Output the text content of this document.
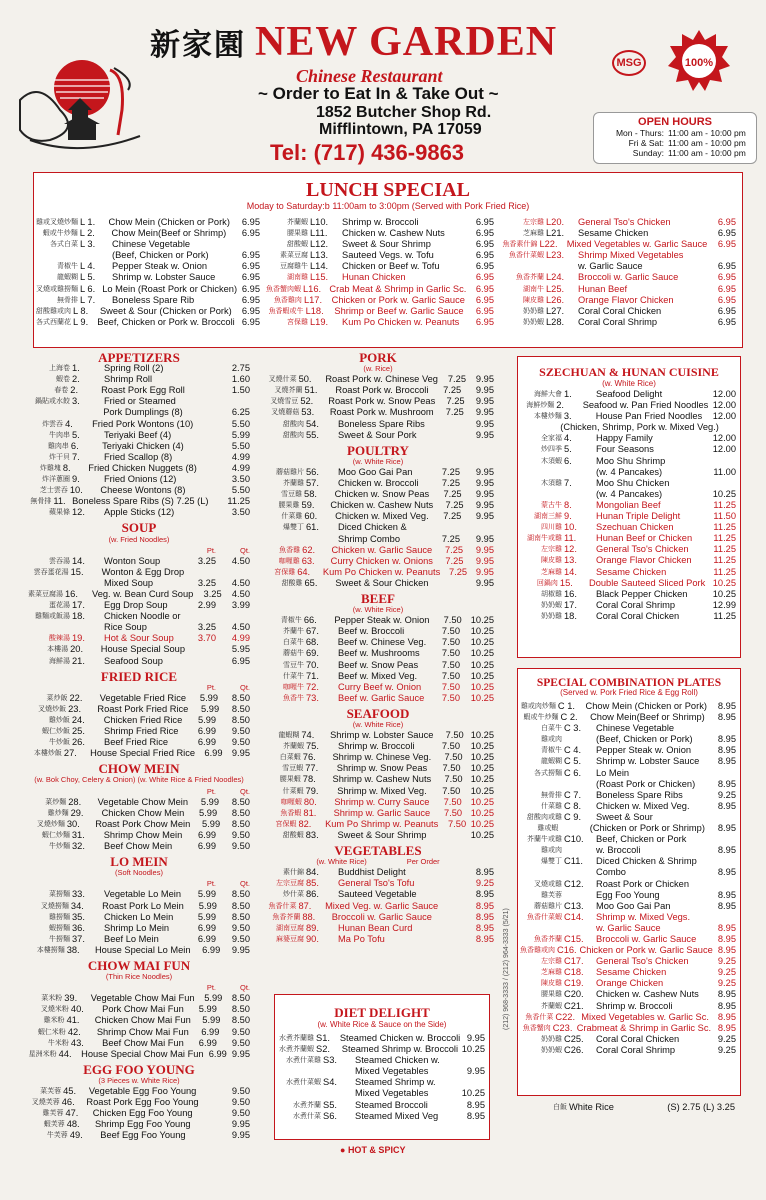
新家園 NEW GARDEN
Chinese Restaurant
~ Order to Eat In & Take Out ~
1852 Butcher Shop Rd.
Mifflintown, PA 17059
Tel: (717) 436-9863
MSG	100%
OPEN HOURS
Mon - Thurs: 11:00 am - 10:00 pm
Fri & Sat: 11:00 am - 10:00 pm
Sunday: 11:00 am - 10:00 pm
LUNCH SPECIAL
Moday to Saturday:b 11:00am to 3:00pm (Served with Pork Fried Rice)
雞或叉燒炒麵 L 1.	Chow Mein (Chicken or Pork)	6.95
蝦或牛炒麵 L 2.	Chow Mein(Beef or Shrimp)	6.95
各式白菜 L 3.	Chinese Vegetable
(Beef, Chicken or Pork)	6.95
青椒牛 L 4.	Pepper Steak w. Onion	6.95
龍蝦糊 L 5.	Shrimp w. Lobster Sauce	6.95
叉燒或雞撈麵 L 6. Lo Mein (Roast Pork or Chicken) 6.95
無骨排 L 7.	Boneless Spare Rib	6.95
甜酸雞或肉 L 8.	Sweet & Sour (Chicken or Pork)	6.95
各式西蘭花 L 9. Beef, Chicken or Pork w. Broccoli 6.95
芥蘭蝦 L10.	Shrimp w. Broccoli	6.95
腰果雞 L11.	Chicken w. Cashew Nuts	6.95
甜酸蝦 L12.	Sweet & Sour Shrimp	6.95
素菜豆腐 L13.	Sauteed Vegs. w. Tofu	6.95
豆腐雞牛 L14.	Chicken or Beef w. Tofu	6.95
湖南雞 L15.	Hunan Chicken	6.95
魚香蟹肉蝦 L16. Crab Meat & Shrimp in Garlic Sc.	6.95
魚香雞肉 L17.	Chicken or Pork w. Garlic Sauce	6.95
魚香蝦或牛 L18.	Shrimp or Beef w. Garlic Sauce	6.95
宮保雞 L19.	Kum Po Chicken w. Peanuts	6.95
左宗雞 L20.	General Tso's Chicken	6.95
芝麻雞 L21.	Sesame Chicken	6.95
魚香素什錦 L22. Mixed Vegetables w. Garlic Sauce	6.95
魚香什菜蝦 L23.	Shrimp Mixed Vegetables
w. Garlic Sauce	6.95
魚香芥蘭 L24.	Broccoli w. Garlic Sauce	6.95
湖南牛 L25.	Hunan Beef	6.95
陳皮雞 L26.	Orange Flavor Chicken	6.95
奶奶雞 L27.	Coral Coral Chicken	6.95
奶奶蝦 L28.	Coral Coral Shrimp	6.95
APPETIZERS
上海卷 1.	Spring Roll (2)	2.75
蝦卷 2.	Shrimp Roll	1.60
春卷 2.	Roast Pork Egg Roll	1.50
鍋貼或水餃 3.	Fried or Steamed
Pork Dumplings (8)	6.25
炸雲吞 4.	Fried Pork Wontons (10)	5.50
牛肉串 5.	Teriyaki Beef (4)	5.99
雞肉串 6.	Teriyaki Chicken (4)	5.50
炸干貝 7.	Fried Scallop (8)	4.99
炸雞塊 8.	Fried Chicken Nuggets (8)	4.99
炸洋蔥圈 9.	Fried Onions (12)	3.50
芝士雲吞 10.	Cheese Wontons (8)	5.50
無骨排 11. Boneless Spare Ribs (S) 7.25 (L) 11.25
蘋果條 12.	Apple Sticks (12)	3.50
SOUP
(w. Fried Noodles)
Pt.	Qt.
雲吞湯 14.	Wonton Soup	3.25	4.50
雲吞蛋花湯 15.	Wonton & Egg Drop
Mixed Soup	3.25	4.50
素菜豆腐湯 16.	Veg. w. Bean Curd Soup	3.25	4.50
蛋花湯 17.	Egg Drop Soup	2.99	3.99
雞麵或飯湯 18.	Chicken Noodle or
Rice Soup	3.25	4.50
酸辣湯 19.	Hot & Sour Soup	3.70	4.99
本樓湯 20.	House Special Soup	5.95
海鮮湯 21.	Seafood Soup	6.95
FRIED RICE
Pt.	Qt.
菜炒飯 22.	Vegetable Fried Rice	5.99	8.50
叉燒炒飯 23.	Roast Pork Fried Rice	5.99	8.50
雞炒飯 24.	Chicken Fried Rice	5.99	8.50
蝦仁炒飯 25.	Shrimp Fried Rice	6.99	9.50
牛炒飯 26.	Beef Fried Rice	6.99	9.50
本樓炒飯 27.	House Special Fried Rice	6.99	9.95
CHOW MEIN
(w. Bok Choy, Celery & Onion) (w. White Rice & Fried Noodles)
Pt.	Qt.
菜炒麵 28.	Vegetable Chow Mein	5.99	8.50
雞炒麵 29.	Chicken Chow Mein	5.99	8.50
叉燒炒麵 30.	Roast Pork Chow Mein	5.99	8.50
蝦仁炒麵 31.	Shrimp Chow Mein	6.99	9.50
牛炒麵 32.	Beef Chow Mein	6.99	9.50
LO MEIN
(Soft Noodles)
Pt.	Qt.
菜撈麵 33.	Vegetable Lo Mein	5.99	8.50
叉燒撈麵 34.	Roast Pork Lo Mein	5.99	8.50
雞撈麵 35.	Chicken Lo Mein	5.99	8.50
蝦撈麵 36.	Shrimp Lo Mein	6.99	9.50
牛撈麵 37.	Beef Lo Mein	6.99	9.50
本樓撈麵 38.	House Special Lo Mein	6.99	9.95
CHOW MAI FUN
(Thin Rice Noodles)
Pt.	Qt.
菜米粉 39.	Vegetable Chow Mai Fun	5.99	8.50
叉燒米粉 40.	Pork Chow Mai Fun	5.99	8.50
雞米粉 41.	Chicken Chow Mai Fun	5.99	8.50
蝦仁米粉 42.	Shrimp Chow Mai Fun	6.99	9.50
牛米粉 43.	Beef Chow Mai Fun	6.99	9.50
星洲米粉 44.	House Special Chow Mai Fun 6.99 9.95
EGG FOO YOUNG
(3 Pieces w. White Rice)
菜芙蓉 45.	Vegetable Egg Foo Young	9.50
叉燒芙蓉 46.	Roast Pork Egg Foo Young	9.50
雞芙蓉 47.	Chicken Egg Foo Young	9.50
蝦芙蓉 48.	Shrimp Egg Foo Young	9.95
牛芙蓉 49.	Beef Egg Foo Young	9.95
PORK
(w. Rice)
叉燒什菜 50.	Roast Pork w. Chinese Veg	7.25	9.95
叉燒芥蘭 51.	Roast Pork w. Broccoli	7.25	9.95
叉燒雪豆 52.	Roast Pork w. Snow Peas	7.25	9.95
叉燒蘑菇 53.	Roast Pork w. Mushroom	7.25	9.95
甜酸肉 54.	Boneless Spare Ribs	9.95
甜酸肉 55.	Sweet & Sour Pork	9.95
POULTRY
(w. White Rice)
蘑菇雞片 56.	Moo Goo Gai Pan	7.25	9.95
芥蘭雞 57.	Chicken w. Broccoli	7.25	9.95
雪豆雞 58.	Chicken w. Snow Peas	7.25	9.95
腰果雞 59.	Chicken w. Cashew Nuts	7.25	9.95
什菜雞 60.	Chicken w. Mixed Veg.	7.25	9.95
爆雙丁 61.	Diced Chicken &
Shrimp Combo	7.25	9.95
魚香雞 62.	Chicken w. Garlic Sauce	7.25	9.95
咖喱雞 63.	Curry Chicken w. Onions	7.25	9.95
宮保雞 64.	Kum Po Chicken w. Peanuts 7.25 9.95
甜酸雞 65.	Sweet & Sour Chicken	9.95
BEEF
(w. White Rice)
青椒牛 66.	Pepper Steak w. Onion	7.50 10.25
芥蘭牛 67.	Beef w. Broccoli	7.50	10.25
白菜牛 68.	Beef w. Chinese Veg.	7.50	10.25
蘑菇牛 69.	Beef w. Mushrooms	7.50	10.25
雪豆牛 70.	Beef w. Snow Peas	7.50	10.25
什菜牛 71.	Beef w. Mixed Veg.	7.50	10.25
咖喱牛 72.	Curry Beef w. Onion	7.50	10.25
魚香牛 73.	Beef w. Garlic Sauce	7.50	10.25
SEAFOOD
(w. White Rice)
龍蝦糊 74.	Shrimp w. Lobster Sauce	7.50 10.25
芥蘭蝦 75.	Shrimp w. Broccoli	7.50	10.25
白菜蝦 76.	Shrimp w. Chinese Veg.	7.50 10.25
雪豆蝦 77.	Shrimp w. Snow Peas	7.50	10.25
腰果蝦 78.	Shrimp w. Cashew Nuts	7.50 10.25
什菜蝦 79.	Shrimp w. Mixed Veg.	7.50	10.25
咖喱蝦 80.	Shrimp w. Curry Sauce	7.50 10.25
魚香蝦 81.	Shrimp w. Garlic Sauce	7.50 10.25
宮保蝦 82.	Kum Po Shrimp w. Peanuts	7.50 10.25
甜酸蝦 83.	Sweet & Sour Shrimp	10.25
VEGETABLES
(w. White Rice)	Per Order
素什錦 84.	Buddhist Delight	8.95
左宗豆腐 85.	General Tso's Tofu	9.25
炒什菜 86.	Sauteed Vegetable	8.95
魚香什菜 87.	Mixed Veg. w. Garlic Sauce	8.95
魚香芥蘭 88.	Broccoli w. Garlic Sauce	8.95
湖南豆腐 89.	Hunan Bean Curd	8.95
麻婆豆腐 90.	Ma Po Tofu	8.95
DIET DELIGHT
(w. White Rice & Sauce on the Side)
水煮芥蘭雞 S1.	Steamed Chicken w. Broccoli 9.95
水煮芥蘭蝦 S2.	Steamed Shrimp w. Broccoli 10.25
水煮什菜雞 S3.	Steamed Chicken w.
Mixed Vegetables	9.95
水煮什菜蝦 S4.	Steamed Shrimp w.
Mixed Vegetables	10.25
水煮芥蘭 S5.	Steamed Broccoli	8.95
水煮什菜 S6.	Steamed Mixed Veg	8.95
● HOT & SPICY
SZECHUAN & HUNAN CUISINE
(w. White Rice)
海鮮大會 1.	Seafood Delight	12.00
海鮮炒麵 2.	Seafood w. Pan Fried Noodles 12.00
本樓炒麵 3.	House Pan Fried Noodles	12.00
(Chicken, Shrimp, Pork w. Mixed Veg.)
全家福 4.	Happy Family	12.00
炒四季 5.	Four Seasons	12.00
木須蝦 6.	Moo Shu Shrimp
(w. 4 Pancakes)	11.00
木須雞 7.	Moo Shu Chicken
(w. 4 Pancakes)	10.25
蒙古牛 8.	Mongolian Beef	11.25
湖南三鮮 9.	Hunan Triple Delight	11.50
四川雞 10.	Szechuan Chicken	11.25
湖南牛或雞 11.	Hunan Beef or Chicken	11.25
左宗雞 12.	General Tso's Chicken	11.25
陳皮雞 13.	Orange Flavor Chicken	11.25
芝麻雞 14.	Sesame Chicken	11.25
回鍋肉 15.	Double Sauteed Sliced Pork 10.25
胡椒雞 16.	Black Pepper Chicken	10.25
奶奶蝦 17.	Coral Coral Shrimp	12.99
奶奶雞 18.	Coral Coral Chicken	11.25
SPECIAL COMBINATION PLATES
(Served w. Pork Fried Rice & Egg Roll)
雞或肉炒麵 C 1.	Chow Mein (Chicken or Pork)	8.95
蝦或牛炒麵 C 2.	Chow Mein(Beef or Shrimp)	8.95
白菜牛 C 3.	Chinese Vegetable
雞或肉	(Beef, Chicken or Pork)	8.95
青椒牛 C 4.	Pepper Steak w. Onion	8.95
龍蝦糊 C 5.	Shrimp w. Lobster Sauce	8.95
各式撈麵 C 6.	Lo Mein
(Roast Pork or Chicken)	8.95
無骨排 C 7.	Boneless Spare Ribs	9.25
什菜雞 C 8.	Chicken w. Mixed Veg.	8.95
甜酸肉或雞 C 9.	Sweet & Sour
雞或蝦	(Chicken or Pork or Shrimp)	8.95
芥蘭牛或雞 C10.	Beef, Chicken or Pork
雞或肉	w. Broccoli	8.95
爆雙丁 C11.	Diced Chicken & Shrimp
Combo	8.95
叉燒或雞 C12.	Roast Pork or Chicken
雞芙蓉	Egg Foo Young	8.95
蘑菇雞片 C13.	Moo Goo Gai Pan	8.95
魚香什菜蝦 C14.	Shrimp w. Mixed Vegs.
w. Garlic Sauce	8.95
魚香芥蘭 C15.	Broccoli w. Garlic Sauce	8.95
魚香雞或肉 C16. Chicken or Pork w. Garlic Sauce 8.95
左宗雞 C17.	General Tso's Chicken	9.25
芝麻雞 C18.	Sesame Chicken	9.25
陳皮雞 C19.	Orange Chicken	9.25
腰果雞 C20.	Chicken w. Cashew Nuts	8.95
芥蘭蝦 C21.	Shrimp w. Broccoli	8.95
魚香什菜 C22. Mixed Vegetables w. Garlic Sc. 8.95
魚香蟹肉 C23. Crabmeat & Shrimp in Garlic Sc. 8.95
奶奶雞 C25.	Coral Coral Chicken	9.25
奶奶蝦 C26.	Coral Coral Shrimp	9.25
白飯 White Rice	(S) 2.75 (L) 3.25
(212) 968-3333 / (212) 964-3333 (5/21)
